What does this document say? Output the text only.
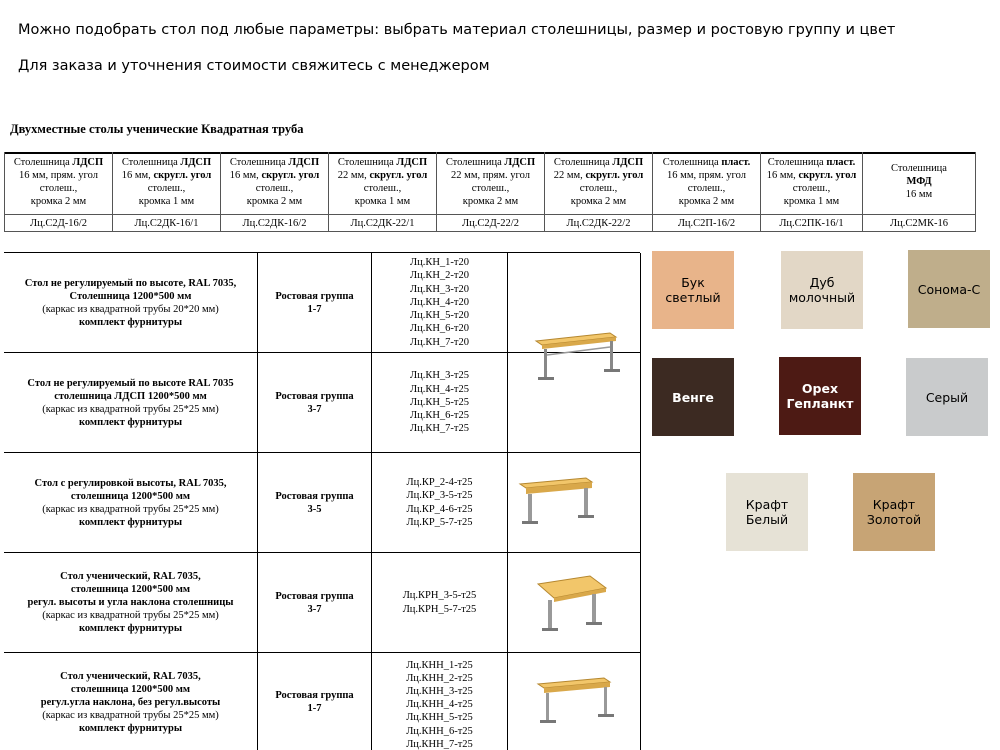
Можно подобрать стол под любые параметры: выбрать материал столешницы, размер и ростовую группу и цвет
Для заказа и уточнения стоимости свяжитесь с менеджером
Двухместные столы ученические Квадратная труба
Столешница ЛДСП
16 мм, прям. угол
столеш.,
кромка 2 мм
Лц.С2Д-16/2
Столешница ЛДСП
16 мм, скругл. угол
столеш.,
кромка 1 мм
Лц.С2ДК-16/1
Столешница ЛДСП
16 мм, скругл. угол
столеш.,
кромка 2 мм
Лц.С2ДК-16/2
Столешница ЛДСП
22 мм, скругл. угол
столеш.,
кромка 1 мм
Лц.С2ДК-22/1
Столешница ЛДСП
22 мм, прям. угол
столеш.,
кромка 2 мм
Лц.С2Д-22/2
Столешница ЛДСП
22 мм, скругл. угол
столеш.,
кромка 2 мм
Лц.С2ДК-22/2
Столешница пласт.
16 мм, прям. угол
столеш.,
кромка 2 мм
Лц.С2П-16/2
Столешница пласт.
16 мм, скругл. угол
столеш.,
кромка 1 мм
Лц.С2ПК-16/1
Столешница
МФД
16 мм
Лц.С2МК-16
Стол не регулируемый по высоте, RAL 7035,
Столешница 1200*500 мм
(каркас из квадратной трубы 20*20 мм)
комплект фурнитуры
Ростовая группа
1-7
Лц.КН_1-т20
Лц.КН_2-т20
Лц.КН_3-т20
Лц.КН_4-т20
Лц.КН_5-т20
Лц.КН_6-т20
Лц.КН_7-т20
Стол не регулируемый по высоте RAL 7035
столешница ЛДСП 1200*500 мм
(каркас из квадратной трубы 25*25 мм)
комплект фурнитуры
Ростовая группа
3-7
Лц.КН_3-т25
Лц.КН_4-т25
Лц.КН_5-т25
Лц.КН_6-т25
Лц.КН_7-т25
Стол с регулировкой высоты, RAL 7035,
столешница 1200*500 мм
(каркас из квадратной трубы 25*25 мм)
комплект фурнитуры
Ростовая группа
3-5
Лц.КР_2-4-т25
Лц.КР_3-5-т25
Лц.КР_4-6-т25
Лц.КР_5-7-т25
Стол ученический, RAL 7035,
столешница 1200*500 мм
регул. высоты и угла наклона столешницы
(каркас из квадратной трубы 25*25 мм)
комплект фурнитуры
Ростовая группа
3-7
Лц.КРН_3-5-т25
Лц.КРН_5-7-т25
Стол ученический, RAL 7035,
столешница 1200*500 мм
регул.угла наклона, без регул.высоты
(каркас из квадратной трубы 25*25 мм)
комплект фурнитуры
Ростовая группа
1-7
Лц.КНН_1-т25
Лц.КНН_2-т25
Лц.КНН_3-т25
Лц.КНН_4-т25
Лц.КНН_5-т25
Лц.КНН_6-т25
Лц.КНН_7-т25
Бук
светлый
Дуб
молочный
Сонома-С
Венге
Орех
Гепланкт	Серый
Крафт
Белый
Крафт
Золотой
